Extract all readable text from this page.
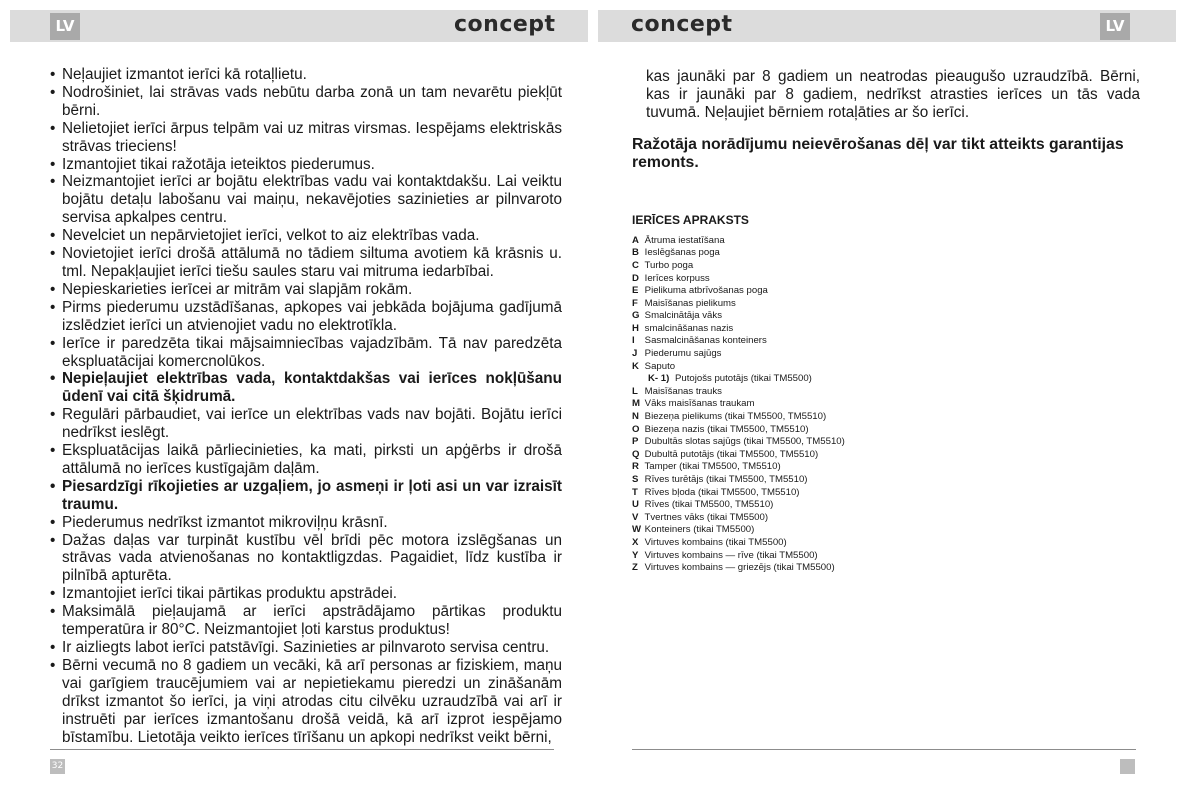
LV	concept
• Neļaujiet izmantot ierīci kā rotaļlietu.
• Nodrošiniet, lai strāvas vads nebūtu darba zonā un tam nevarētu piekļūt bērni.
• Nelietojiet ierīci ārpus telpām vai uz mitras virsmas. Iespējams elektriskās strāvas trieciens!
• Izmantojiet tikai ražotāja ieteiktos piederumus.
• Neizmantojiet ierīci ar bojātu elektrības vadu vai kontaktdakšu. Lai veiktu bojātu detaļu labošanu vai maiņu, nekavējoties sazinieties ar pilnvaroto servisa apkalpes centru.
• Nevelciet un nepārvietojiet ierīci, velkot to aiz elektrības vada.
• Novietojiet ierīci drošā attālumā no tādiem siltuma avotiem kā krāsnis u. tml. Nepakļaujiet ierīci tiešu saules staru vai mitruma iedarbībai.
• Nepieskarieties ierīcei ar mitrām vai slapjām rokām.
• Pirms piederumu uzstādīšanas, apkopes vai jebkāda bojājuma gadījumā izslēdziet ierīci un atvienojiet vadu no elektrotīkla.
• Ierīce ir paredzēta tikai mājsaimniecības vajadzībām. Tā nav paredzēta ekspluatācijai komercnolūkos.
• Nepieļaujiet elektrības vada, kontaktdakšas vai ierīces nokļūšanu ūdenī vai citā šķidrumā.
• Regulāri pārbaudiet, vai ierīce un elektrības vads nav bojāti. Bojātu ierīci nedrīkst ieslēgt.
• Ekspluatācijas laikā pārliecinieties, ka mati, pirksti un apģērbs ir drošā attālumā no ierīces kustīgajām daļām.
• Piesardzīgi rīkojieties ar uzgaļiem, jo asmeņi ir ļoti asi un var izraisīt traumu.
• Piederumus nedrīkst izmantot mikroviļņu krāsnī.
• Dažas daļas var turpināt kustību vēl brīdi pēc motora izslēgšanas un strāvas vada atvienošanas no kontaktligzdas. Pagaidiet, līdz kustība ir pilnībā apturēta.
• Izmantojiet ierīci tikai pārtikas produktu apstrādei.
• Maksimālā pieļaujamā ar ierīci apstrādājamo pārtikas produktu temperatūra ir 80°C. Neizmantojiet ļoti karstus produktus!
• Ir aizliegts labot ierīci patstāvīgi. Sazinieties ar pilnvaroto servisa centru.
• Bērni vecumā no 8 gadiem un vecāki, kā arī personas ar fiziskiem, maņu vai garīgiem traucējumiem vai ar nepietiekamu pieredzi un zināšanām drīkst izmantot šo ierīci, ja viņi atrodas citu cilvēku uzraudzībā vai arī ir instruēti par ierīces izmantošanu drošā veidā, kā arī izprot iespējamo bīstamību. Lietotāja veikto ierīces tīrīšanu un apkopi nedrīkst veikt bērni,
32
concept	LV

kas jaunāki par 8 gadiem un neatrodas pieaugušo uzraudzībā. Bērni, kas ir jaunāki par 8 gadiem, nedrīkst atrasties ierīces un tās vada tuvumā. Neļaujiet bērniem rotaļāties ar šo ierīci.

Ražotāja norādījumu neievērošanas dēļ var tikt atteikts garantijas remonts.

IERĪCES APRAKSTS

A Ātruma iestatīšana
B Ieslēgšanas poga
C Turbo poga
D Ierīces korpuss
E Pielikuma atbrīvošanas poga
F Maisīšanas pielikums
G Smalcinātāja vāks
H smalcināšanas nazis
I Sasmalcināšanas konteiners
J Piederumu sajūgs
K Saputo
K- 1) Putojošs putotājs (tikai TM5500)
L Maisīšanas trauks
M Vāks maisīšanas traukam
N Biezeņa pielikums (tikai TM5500, TM5510)
O Biezeņa nazis (tikai TM5500, TM5510)
P Dubultās slotas sajūgs (tikai TM5500, TM5510)
Q Dubultā putotājs (tikai TM5500, TM5510)
R Tamper (tikai TM5500, TM5510)
S Rīves turētājs (tikai TM5500, TM5510)
T Rīves bļoda (tikai TM5500, TM5510)
U Rīves (tikai TM5500, TM5510)
V Tvertnes vāks (tikai TM5500)
W Konteiners (tikai TM5500)
X Virtuves kombains (tikai TM5500)
Y Virtuves kombains — rīve (tikai TM5500)
Z Virtuves kombains — griezējs (tikai TM5500)
